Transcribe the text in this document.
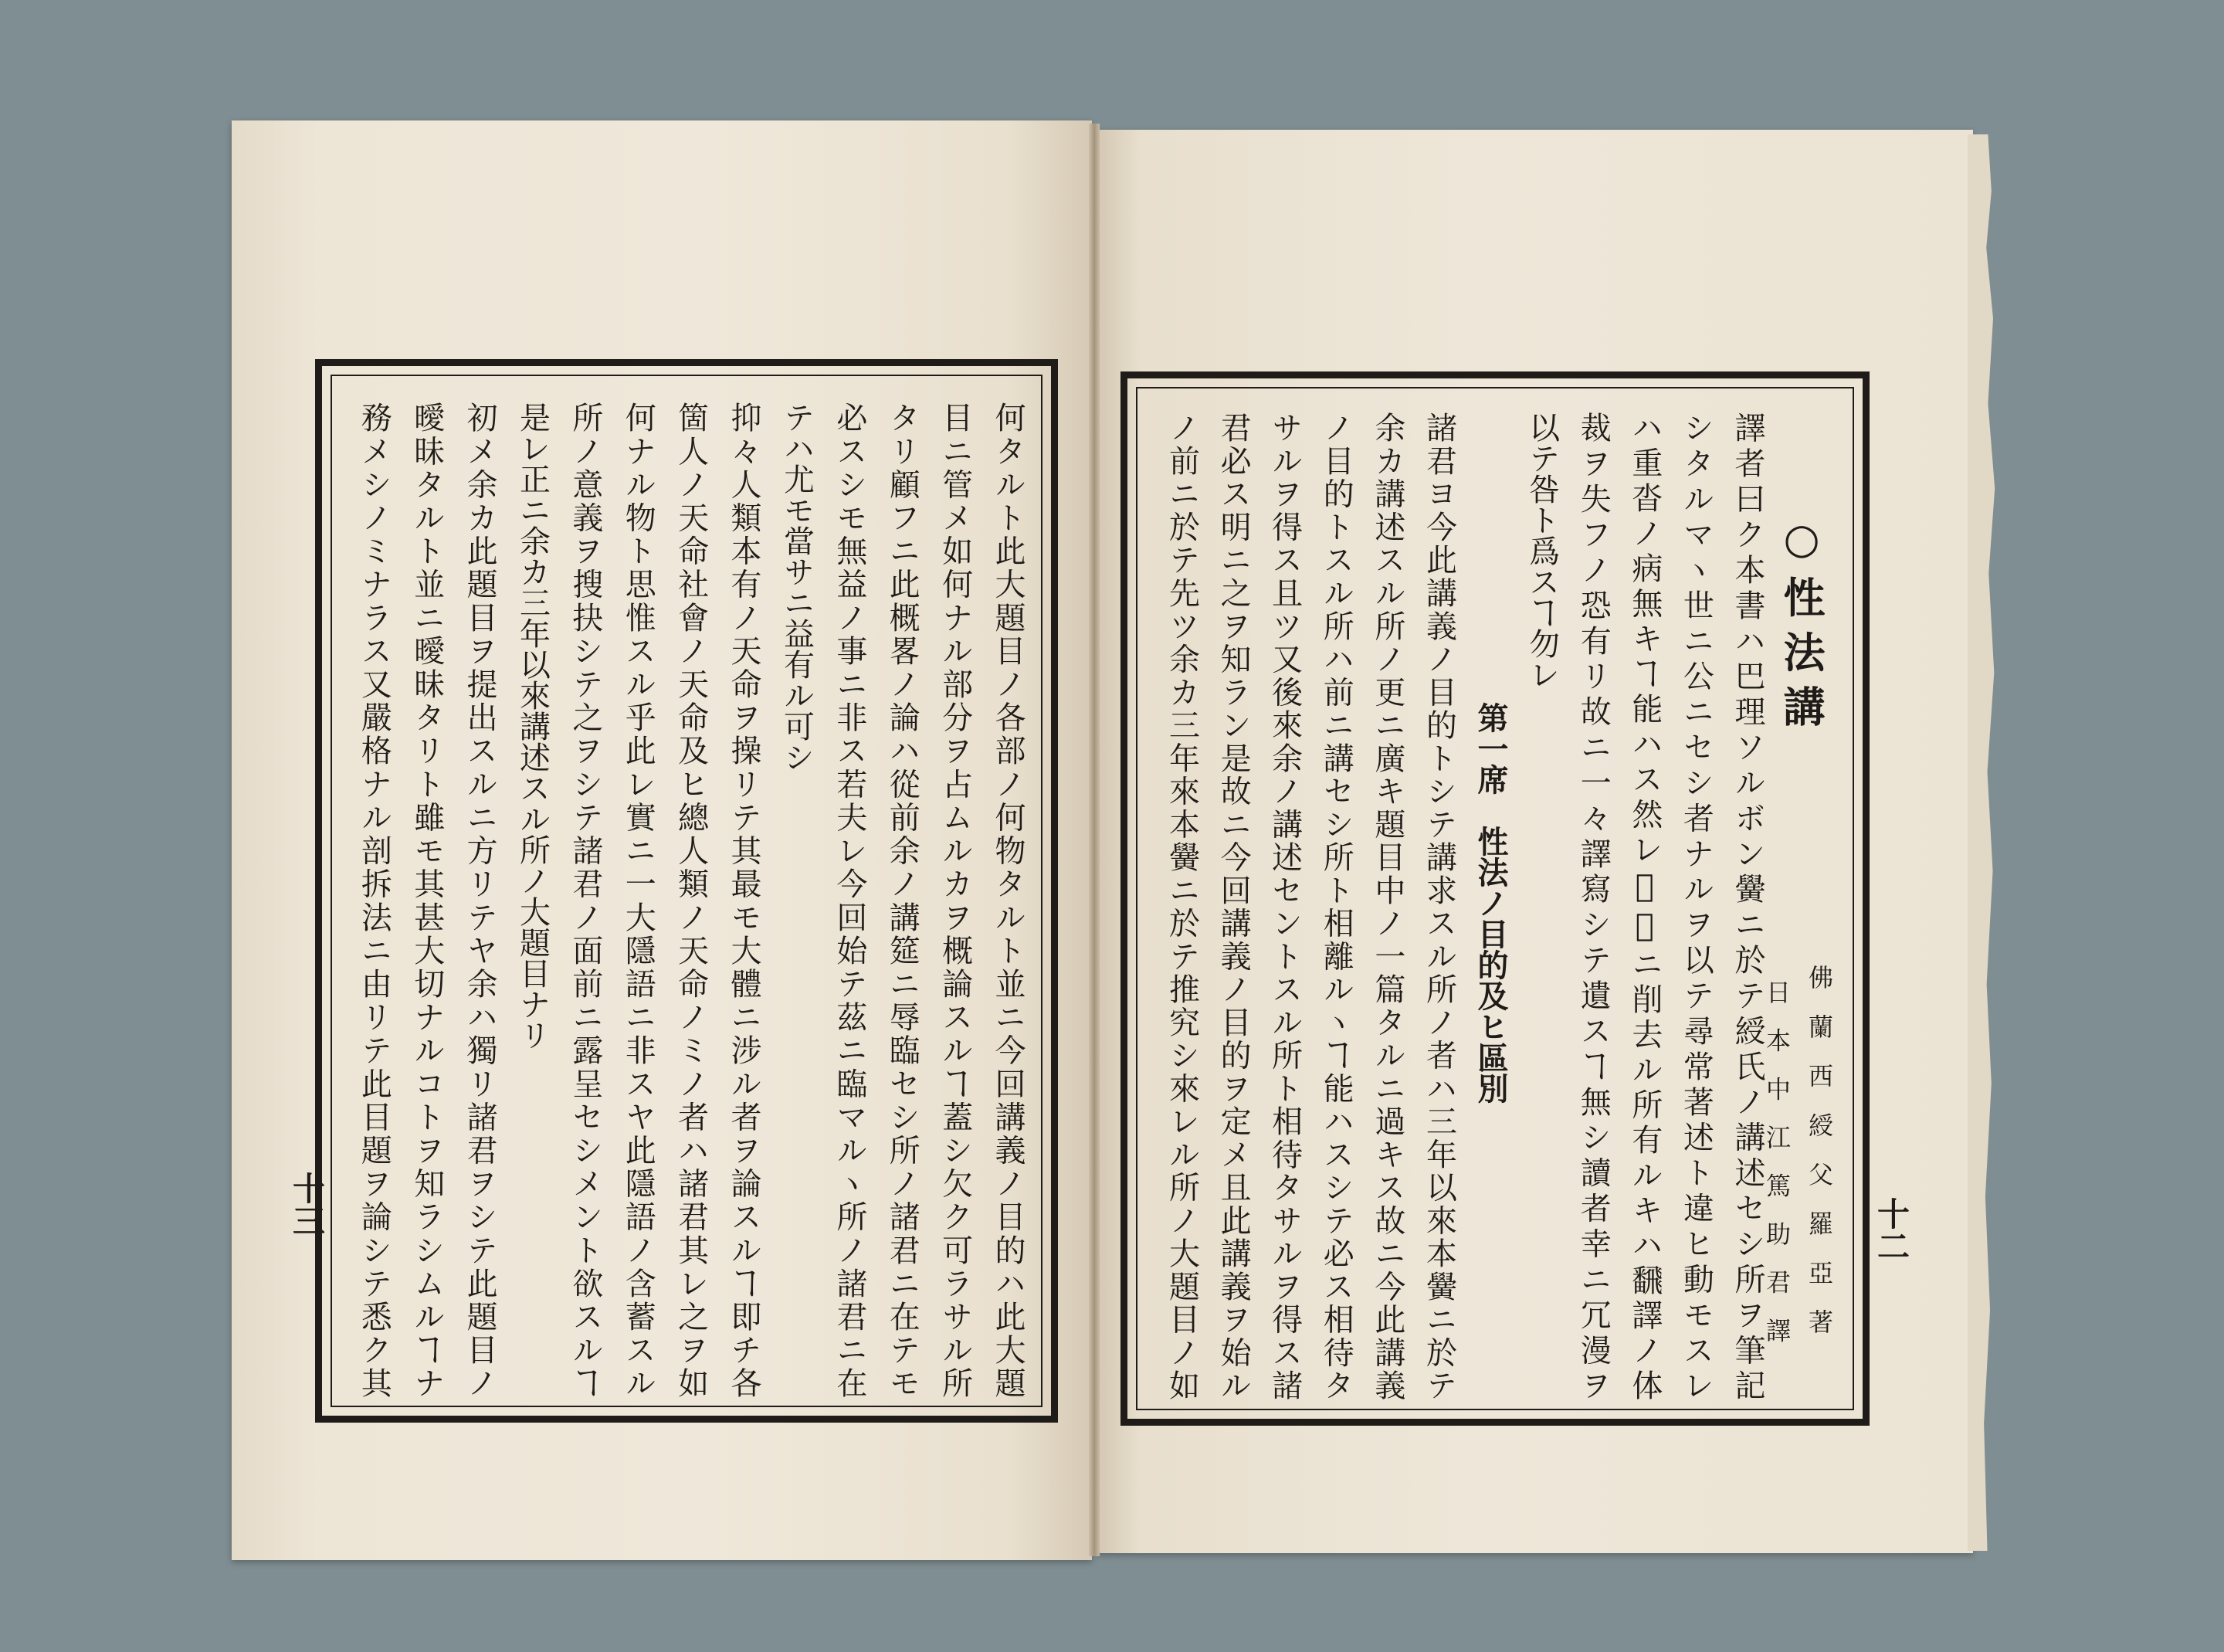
十三	何タルト此大題目ノ各部ノ何物タルト並ニ今回講義ノ目的ハ此大題
目ニ管メ如何ナル部分ヲ占ムルカヲ概論スルヿ蓋シ欠ク可ラサル所
タリ顧フニ此概畧ノ論ハ從前余ノ講筵ニ辱臨セシ所ノ諸君ニ在テモ
必スシモ無益ノ事ニ非ス若夫レ今回始テ茲ニ臨マルヽ所ノ諸君ニ在
テハ尤モ當サニ益有ル可シ
抑々人類本有ノ天命ヲ操リテ其最モ大體ニ涉ル者ヲ論スルヿ即チ各
箇人ノ天命社會ノ天命及ヒ總人類ノ天命ノミノ者ハ諸君其レ之ヲ如
何ナル物ト思惟スル乎此レ實ニ一大隱語ニ非スヤ此隱語ノ含蓄スル
所ノ意義ヲ搜抉シテ之ヲシテ諸君ノ面前ニ露呈セシメント欲スルヿ
是レ正ニ余カ三年以來講述スル所ノ大題目ナリ
初メ余カ此題目ヲ提出スルニ方リテヤ余ハ獨リ諸君ヲシテ此題目ノ
曖昧タルト並ニ曖昧タリト雖モ其甚大切ナルコトヲ知ラシムルヿナ
務メシノミナラス又嚴格ナル剖拆法ニ由リテ此目題ヲ論シテ悉ク其	十二
○性法講
佛蘭西綬父羅亞著
日本中江篤助君譯
譯者曰ク本書ハ巴理ソルボン黌ニ於テ綬氏ノ講述セシ所ヲ筆記
シタルマヽ世ニ公ニセシ者ナルヲ以テ尋常著述ト違ヒ動モスレ
ハ重沓ノ病無キヿ能ハス然レ𪜈妄ニ削去ル所有ルキハ飜譯ノ体
裁ヲ失フノ恐有リ故ニ一々譯寫シテ遺スヿ無シ讀者幸ニ冗漫ヲ
以テ咎ト爲スヿ勿レ
第一席　性法ノ目的及ヒ區別
諸君ヨ今此講義ノ目的トシテ講求スル所ノ者ハ三年以來本黌ニ於テ
余カ講述スル所ノ更ニ廣キ題目中ノ一篇タルニ過キス故ニ今此講義
ノ目的トスル所ハ前ニ講セシ所ト相離ルヽヿ能ハスシテ必ス相待タ
サルヲ得ス且ツ又後來余ノ講述セントスル所ト相待タサルヲ得ス諸
君必ス明ニ之ヲ知ラン是故ニ今回講義ノ目的ヲ定メ且此講義ヲ始ル
ノ前ニ於テ先ツ余カ三年來本黌ニ於テ推究シ來レル所ノ大題目ノ如
